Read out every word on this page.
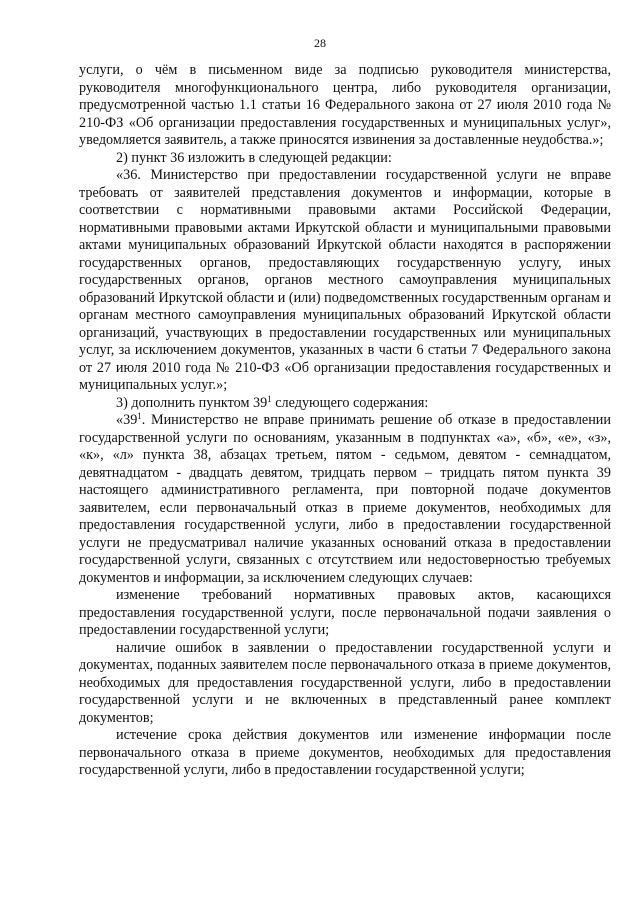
28

услуги, о чём в письменном виде за подписью руководителя министерства, руководителя многофункционального центра, либо руководителя организации, предусмотренной частью 1.1 статьи 16 Федерального закона от 27 июля 2010 года № 210-ФЗ «Об организации предоставления государственных и муниципальных услуг», уведомляется заявитель, а также приносятся извинения за доставленные неудобства.»;

2) пункт 36 изложить в следующей редакции:

«36. Министерство при предоставлении государственной услуги не вправе требовать от заявителей представления документов и информации, которые в соответствии с нормативными правовыми актами Российской Федерации, нормативными правовыми актами Иркутской области и муниципальными правовыми актами муниципальных образований Иркутской области находятся в распоряжении государственных органов, предоставляющих государственную услугу, иных государственных органов, органов местного самоуправления муниципальных образований Иркутской области и (или) подведомственных государственным органам и органам местного самоуправления муниципальных образований Иркутской области организаций, участвующих в предоставлении государственных или муниципальных услуг, за исключением документов, указанных в части 6 статьи 7 Федерального закона от 27 июля 2010 года № 210-ФЗ «Об организации предоставления государственных и муниципальных услуг.»;

3) дополнить пунктом $39^1$ следующего содержания:

«$39^1$. Министерство не вправе принимать решение об отказе в предоставлении государственной услуги по основаниям, указанным в подпунктах «а», «б», «е», «з», «к», «л» пункта 38, абзацах третьем, пятом - седьмом, девятом - семнадцатом, девятнадцатом - двадцать девятом, тридцать первом – тридцать пятом пункта 39 настоящего административного регламента, при повторной подаче документов заявителем, если первоначальный отказ в приеме документов, необходимых для предоставления государственной услуги, либо в предоставлении государственной услуги не предусматривал наличие указанных оснований отказа в предоставлении государственной услуги, связанных с отсутствием или недостоверностью требуемых документов и информации, за исключением следующих случаев:

изменение требований нормативных правовых актов, касающихся предоставления государственной услуги, после первоначальной подачи заявления о предоставлении государственной услуги;

наличие ошибок в заявлении о предоставлении государственной услуги и документах, поданных заявителем после первоначального отказа в приеме документов, необходимых для предоставления государственной услуги, либо в предоставлении государственной услуги и не включенных в представленный ранее комплект документов;

истечение срока действия документов или изменение информации после первоначального отказа в приеме документов, необходимых для предоставления государственной услуги, либо в предоставлении государственной услуги;
